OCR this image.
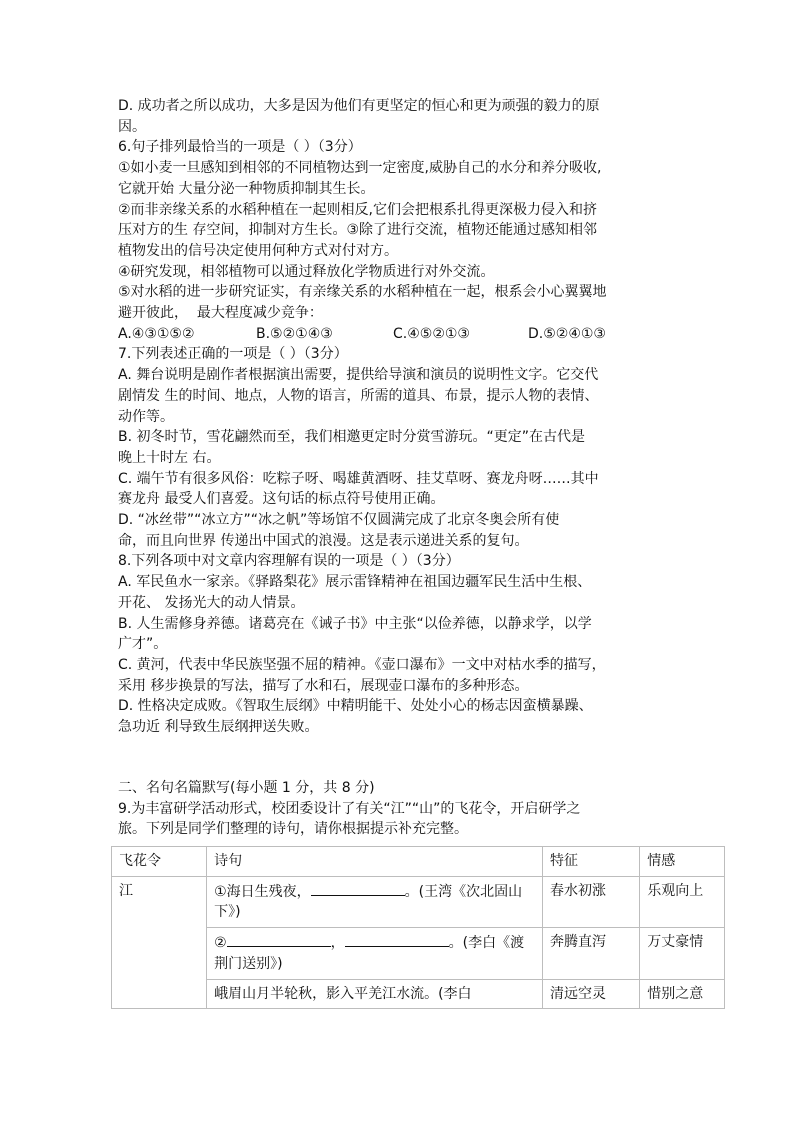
D. 成功者之所以成功，大多是因为他们有更坚定的恒心和更为顽强的毅力的原
因。
6.句子排列最恰当的一项是（ ）（3分）
①如小麦一旦感知到相邻的不同植物达到一定密度,威胁自己的水分和养分吸收,
它就开始 大量分泌一种物质抑制其生长。
②而非亲缘关系的水稻种植在一起则相反,它们会把根系扎得更深极力侵入和挤
压对方的生 存空间，抑制对方生长。③除了进行交流，植物还能通过感知相邻
植物发出的信号决定使用何种方式对付对方。
④研究发现，相邻植物可以通过释放化学物质进行对外交流。
⑤对水稻的进一步研究证实，有亲缘关系的水稻种植在一起，根系会小心翼翼地
避开彼此，  最大程度减少竞争：
A.④③①⑤②	B.⑤②①④③	C.④⑤②①③	D.⑤②④①③
7.下列表述正确的一项是（ ）（3分）
A. 舞台说明是剧作者根据演出需要，提供给导演和演员的说明性文字。它交代
剧情发 生的时间、地点，人物的语言，所需的道具、布景，提示人物的表情、
动作等。
B. 初冬时节，雪花翩然而至，我们相邀更定时分赏雪游玩。“更定”在古代是
晚上十时左 右。
C. 端午节有很多风俗：吃粽子呀、喝雄黄酒呀、挂艾草呀、赛龙舟呀……其中
赛龙舟 最受人们喜爱。这句话的标点符号使用正确。
D. “冰丝带”“冰立方”“冰之帆”等场馆不仅圆满完成了北京冬奥会所有使
命，而且向世界 传递出中国式的浪漫。这是表示递进关系的复句。
8.下列各项中对文章内容理解有误的一项是（ ）（3分）
A. 军民鱼水一家亲。《驿路梨花》展示雷锋精神在祖国边疆军民生活中生根、
开花、 发扬光大的动人情景。
B. 人生需修身养德。诸葛亮在《诫子书》中主张“以俭养德，以静求学，以学
广才”。
C. 黄河，代表中华民族坚强不屈的精神。《壶口瀑布》一文中对枯水季的描写，
采用 移步换景的写法，描写了水和石，展现壶口瀑布的多种形态。
D. 性格决定成败。《智取生辰纲》中精明能干、处处小心的杨志因蛮横暴躁、
急功近 利导致生辰纲押送失败。
二、名句名篇默写(每小题 1 分，共 8 分)
9.为丰富研学活动形式，校团委设计了有关“江”“山”的飞花令，开启研学之
旅。下列是同学们整理的诗句，请你根据提示补充完整。
飞花令	诗句	特征	情感
江	①海日生残夜， 。(王湾《次北固山下》)	春水初涨	乐观向上
	② ， 。(李白《渡荆门送别》)	奔腾直泻	万丈豪情
	峨眉山月半轮秋，影入平羌江水流。(李白	清远空灵	惜别之意
